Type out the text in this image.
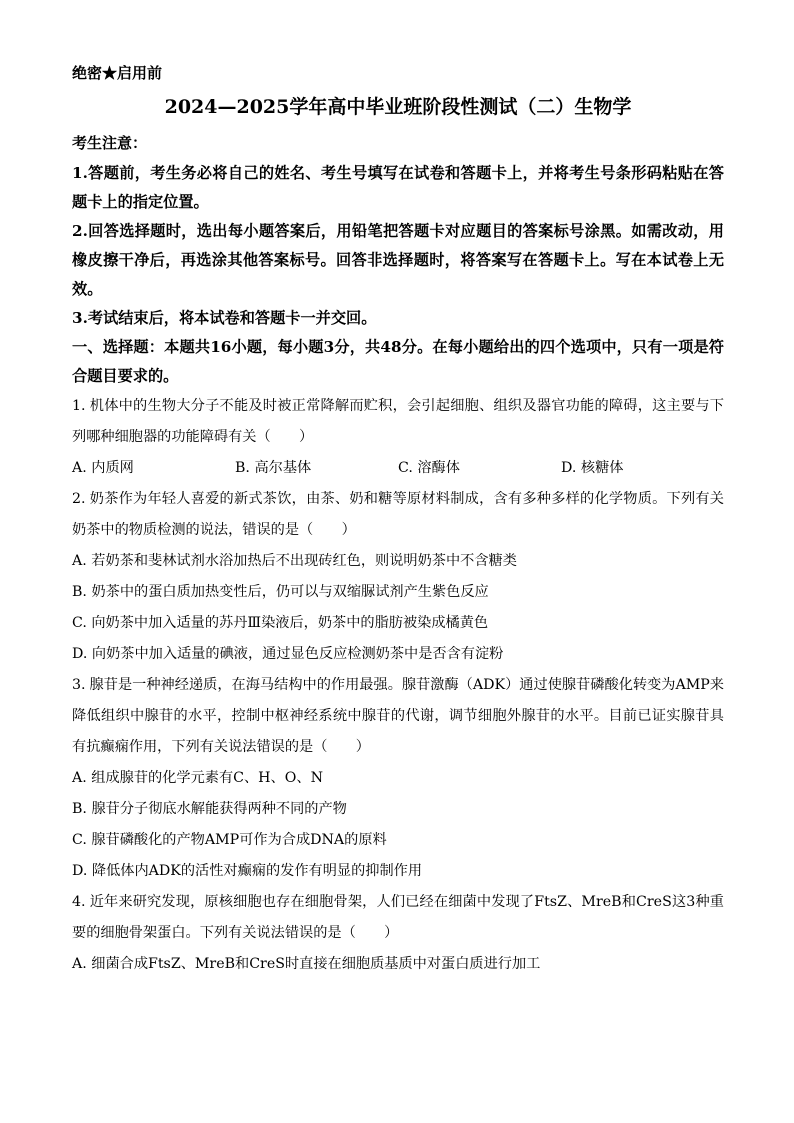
绝密★启用前
2024—2025学年高中毕业班阶段性测试（二）生物学
考生注意：
1.答题前，考生务必将自己的姓名、考生号填写在试卷和答题卡上，并将考生号条形码粘贴在答题卡上的指定位置。
2.回答选择题时，选出每小题答案后，用铅笔把答题卡对应题目的答案标号涂黑。如需改动，用橡皮擦干净后，再选涂其他答案标号。回答非选择题时，将答案写在答题卡上。写在本试卷上无效。
3.考试结束后，将本试卷和答题卡一并交回。
一、选择题：本题共16小题，每小题3分，共48分。在每小题给出的四个选项中，只有一项是符合题目要求的。
1. 机体中的生物大分子不能及时被正常降解而贮积，会引起细胞、组织及器官功能的障碍，这主要与下列哪种细胞器的功能障碍有关（　　）
A. 内质网	B. 高尔基体	C. 溶酶体	D. 核糖体
2. 奶茶作为年轻人喜爱的新式茶饮，由茶、奶和糖等原材料制成，含有多种多样的化学物质。下列有关奶茶中的物质检测的说法，错误的是（　　）
A. 若奶茶和斐林试剂水浴加热后不出现砖红色，则说明奶茶中不含糖类
B. 奶茶中的蛋白质加热变性后，仍可以与双缩脲试剂产生紫色反应
C. 向奶茶中加入适量的苏丹Ⅲ染液后，奶茶中的脂肪被染成橘黄色
D. 向奶茶中加入适量的碘液，通过显色反应检测奶茶中是否含有淀粉
3. 腺苷是一种神经递质，在海马结构中的作用最强。腺苷激酶（ADK）通过使腺苷磷酸化转变为AMP来降低组织中腺苷的水平，控制中枢神经系统中腺苷的代谢，调节细胞外腺苷的水平。目前已证实腺苷具有抗癫痫作用，下列有关说法错误的是（　　）
A. 组成腺苷的化学元素有C、H、O、N
B. 腺苷分子彻底水解能获得两种不同的产物
C. 腺苷磷酸化的产物AMP可作为合成DNA的原料
D. 降低体内ADK的活性对癫痫的发作有明显的抑制作用
4. 近年来研究发现，原核细胞也存在细胞骨架，人们已经在细菌中发现了FtsZ、MreB和CreS这3种重要的细胞骨架蛋白。下列有关说法错误的是（　　）
A. 细菌合成FtsZ、MreB和CreS时直接在细胞质基质中对蛋白质进行加工
